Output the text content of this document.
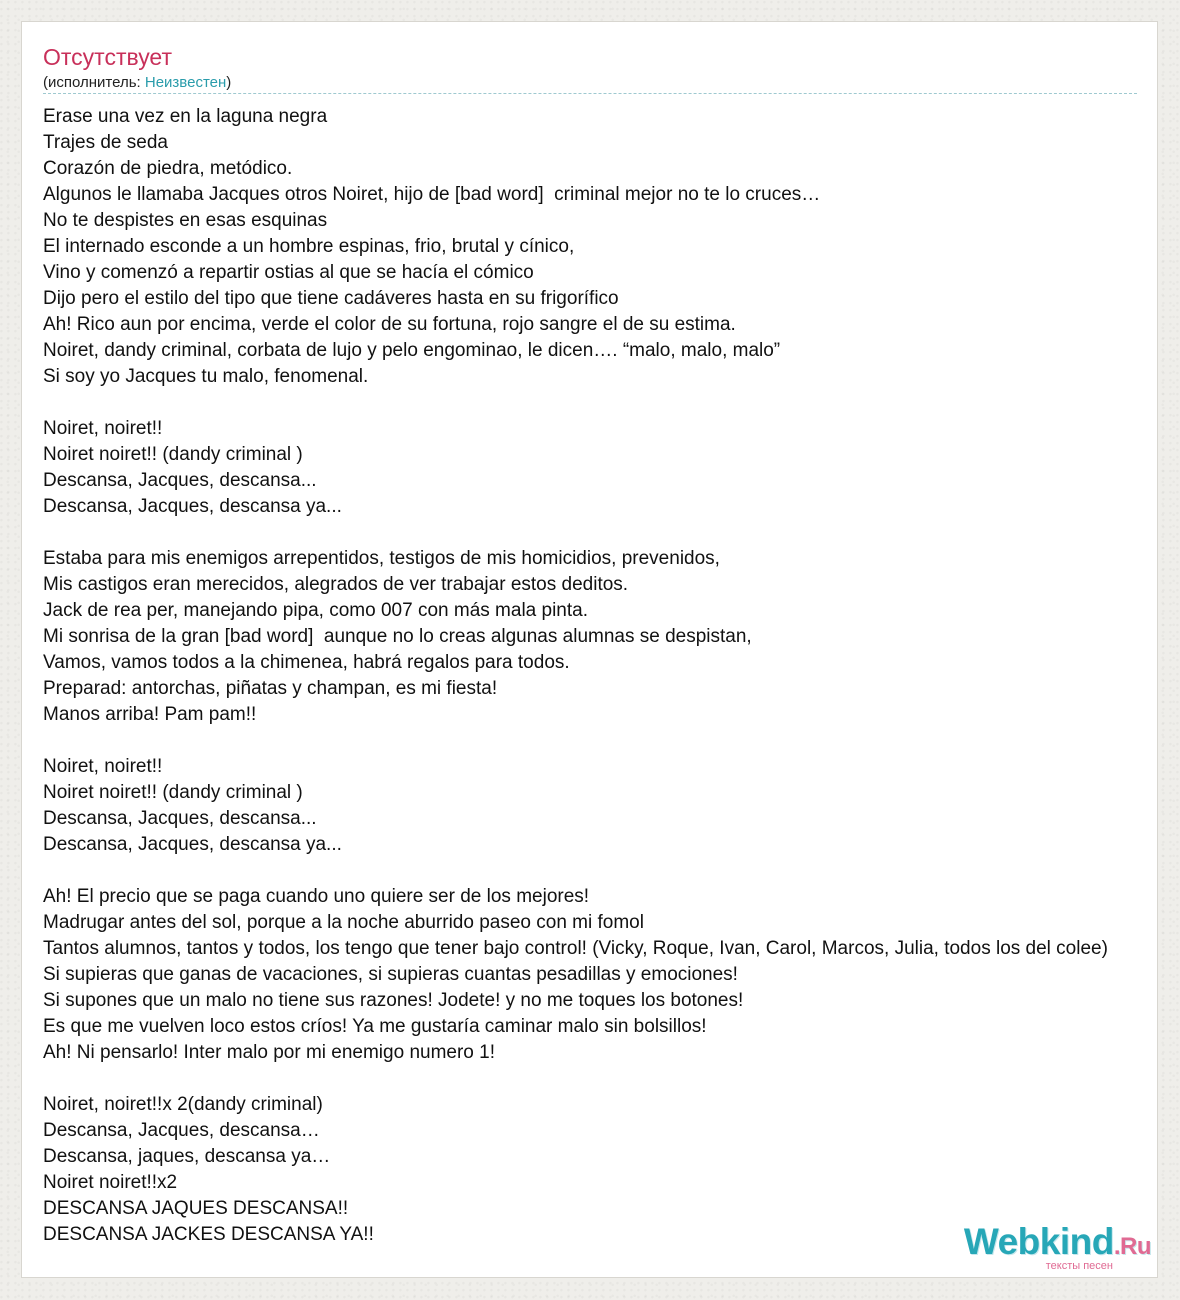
Отсутствует
(исполнитель: Неизвестен)
Erase una vez en la laguna negra
Trajes de seda
Corazón de piedra, metódico.
Algunos le llamaba Jacques otros Noiret, hijo de [bad word]  criminal mejor no te lo cruces…
No te despistes en esas esquinas
El internado esconde a un hombre espinas, frio, brutal y cínico,
Vino y comenzó a repartir ostias al que se hacía el cómico
Dijo pero el estilo del tipo que tiene cadáveres hasta en su frigorífico
Ah! Rico aun por encima, verde el color de su fortuna, rojo sangre el de su estima.
Noiret, dandy criminal, corbata de lujo y pelo engominao, le dicen…. “malo, malo, malo”
Si soy yo Jacques tu malo, fenomenal.
Noiret, noiret!!
Noiret noiret!! (dandy criminal )
Descansa, Jacques, descansa...
Descansa, Jacques, descansa ya...
Estaba para mis enemigos arrepentidos, testigos de mis homicidios, prevenidos,
Mis castigos eran merecidos, alegrados de ver trabajar estos deditos.
Jack de rea per, manejando pipa, como 007 con más mala pinta.
Mi sonrisa de la gran [bad word]  aunque no lo creas algunas alumnas se despistan,
Vamos, vamos todos a la chimenea, habrá regalos para todos.
Preparad: antorchas, piñatas y champan, es mi fiesta!
Manos arriba! Pam pam!!
Noiret, noiret!!
Noiret noiret!! (dandy criminal )
Descansa, Jacques, descansa...
Descansa, Jacques, descansa ya...
Ah! El precio que se paga cuando uno quiere ser de los mejores!
Madrugar antes del sol, porque a la noche aburrido paseo con mi fomol
Tantos alumnos, tantos y todos, los tengo que tener bajo control! (Vicky, Roque, Ivan, Carol, Marcos, Julia, todos los del colee)
Si supieras que ganas de vacaciones, si supieras cuantas pesadillas y emociones!
Si supones que un malo no tiene sus razones! Jodete! y no me toques los botones!
Es que me vuelven loco estos críos! Ya me gustaría caminar malo sin bolsillos!
Ah! Ni pensarlo! Inter malo por mi enemigo numero 1!
Noiret, noiret!!x 2(dandy criminal)
Descansa, Jacques, descansa…
Descansa, jaques, descansa ya…
Noiret noiret!!x2
DESCANSA JAQUES DESCANSA!!
DESCANSA JACKES DESCANSA YA!!	Webkind.Ru
тексты песен
